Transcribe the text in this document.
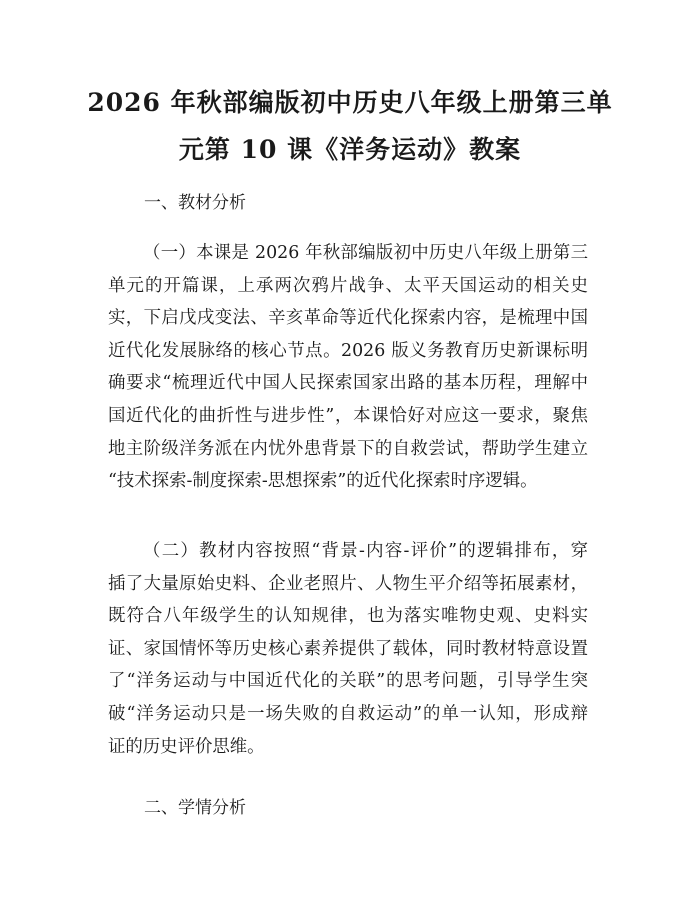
2026 年秋部编版初中历史八年级上册第三单
元第 10 课《洋务运动》教案
一、教材分析
（一）本课是 2026 年秋部编版初中历史八年级上册第三
单元的开篇课，上承两次鸦片战争、太平天国运动的相关史
实，下启戊戌变法、辛亥革命等近代化探索内容，是梳理中国
近代化发展脉络的核心节点。2026 版义务教育历史新课标明
确要求“梳理近代中国人民探索国家出路的基本历程，理解中
国近代化的曲折性与进步性”，本课恰好对应这一要求，聚焦
地主阶级洋务派在内忧外患背景下的自救尝试，帮助学生建立
“技术探索-制度探索-思想探索”的近代化探索时序逻辑。
（二）教材内容按照“背景-内容-评价”的逻辑排布，穿
插了大量原始史料、企业老照片、人物生平介绍等拓展素材，
既符合八年级学生的认知规律，也为落实唯物史观、史料实
证、家国情怀等历史核心素养提供了载体，同时教材特意设置
了“洋务运动与中国近代化的关联”的思考问题，引导学生突
破“洋务运动只是一场失败的自救运动”的单一认知，形成辩
证的历史评价思维。
二、学情分析
